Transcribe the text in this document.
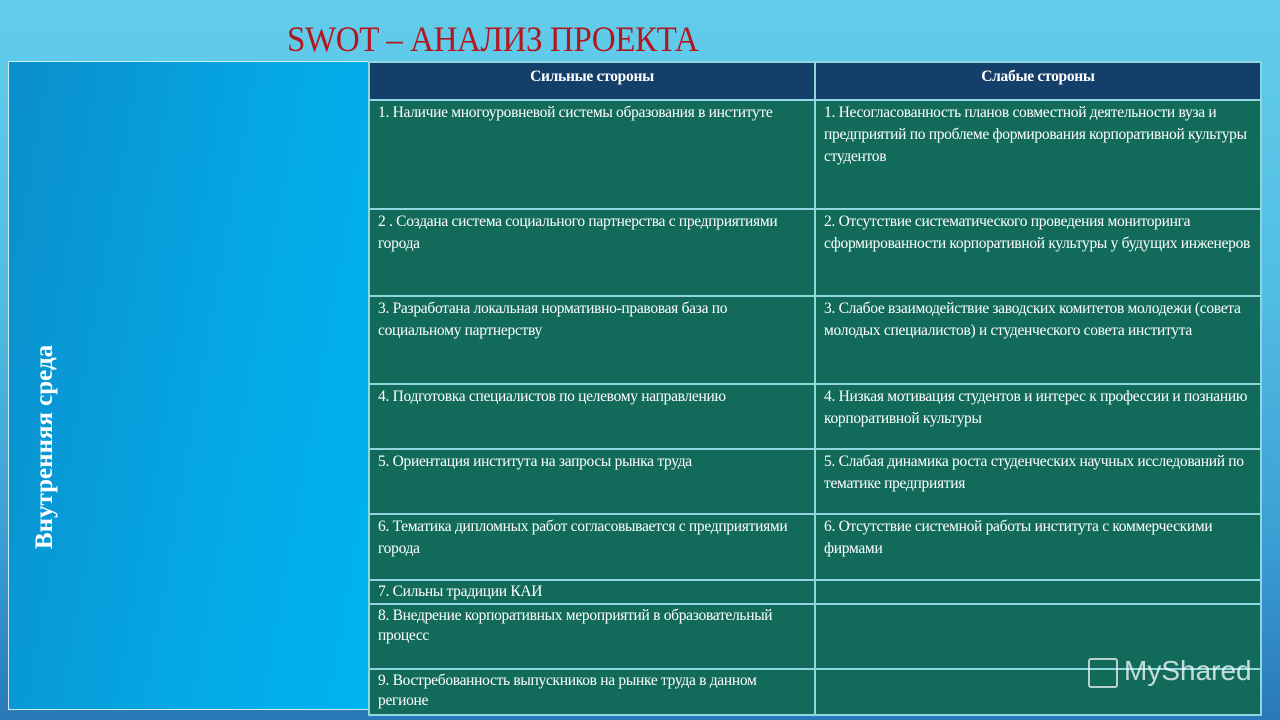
SWOT – АНАЛИЗ ПРОЕКТА
Внутренняя среда
Сильные стороны	Слабые стороны
1. Наличие многоуровневой системы образования в институте	1. Несогласованность планов совместной деятельности вуза и предприятий по проблеме формирования корпоративной культуры студентов
2 . Создана система социального партнерства с предприятиями города	2. Отсутствие систематического проведения мониторинга сформированности корпоративной культуры у будущих инженеров
3. Разработана локальная нормативно-правовая база по социальному партнерству	3. Слабое взаимодействие заводских комитетов молодежи (совета молодых специалистов) и студенческого совета института
4. Подготовка специалистов по целевому направлению	4. Низкая мотивация студентов и интерес к профессии и познанию корпоративной культуры
5. Ориентация института на запросы рынка труда	5. Слабая динамика роста студенческих научных исследований по тематике предприятия
6. Тематика дипломных работ согласовывается с предприятиями города	6. Отсутствие системной работы института с коммерческими фирмами
7. Сильны традиции КАИ	
8. Внедрение корпоративных мероприятий в образовательный процесс	
9. Востребованность выпускников на рынке труда в данном регионе	
MyShared
